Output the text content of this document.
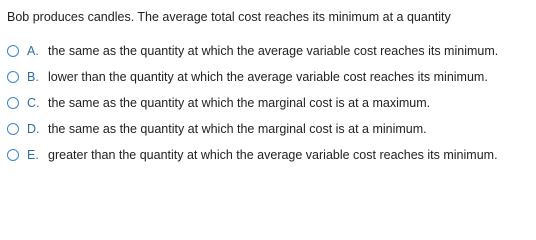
Bob produces candles. The average total cost reaches its minimum at a quantity
A. the same as the quantity at which the average variable cost reaches its minimum.
B. lower than the quantity at which the average variable cost reaches its minimum.
C. the same as the quantity at which the marginal cost is at a maximum.
D. the same as the quantity at which the marginal cost is at a minimum.
E. greater than the quantity at which the average variable cost reaches its minimum.
